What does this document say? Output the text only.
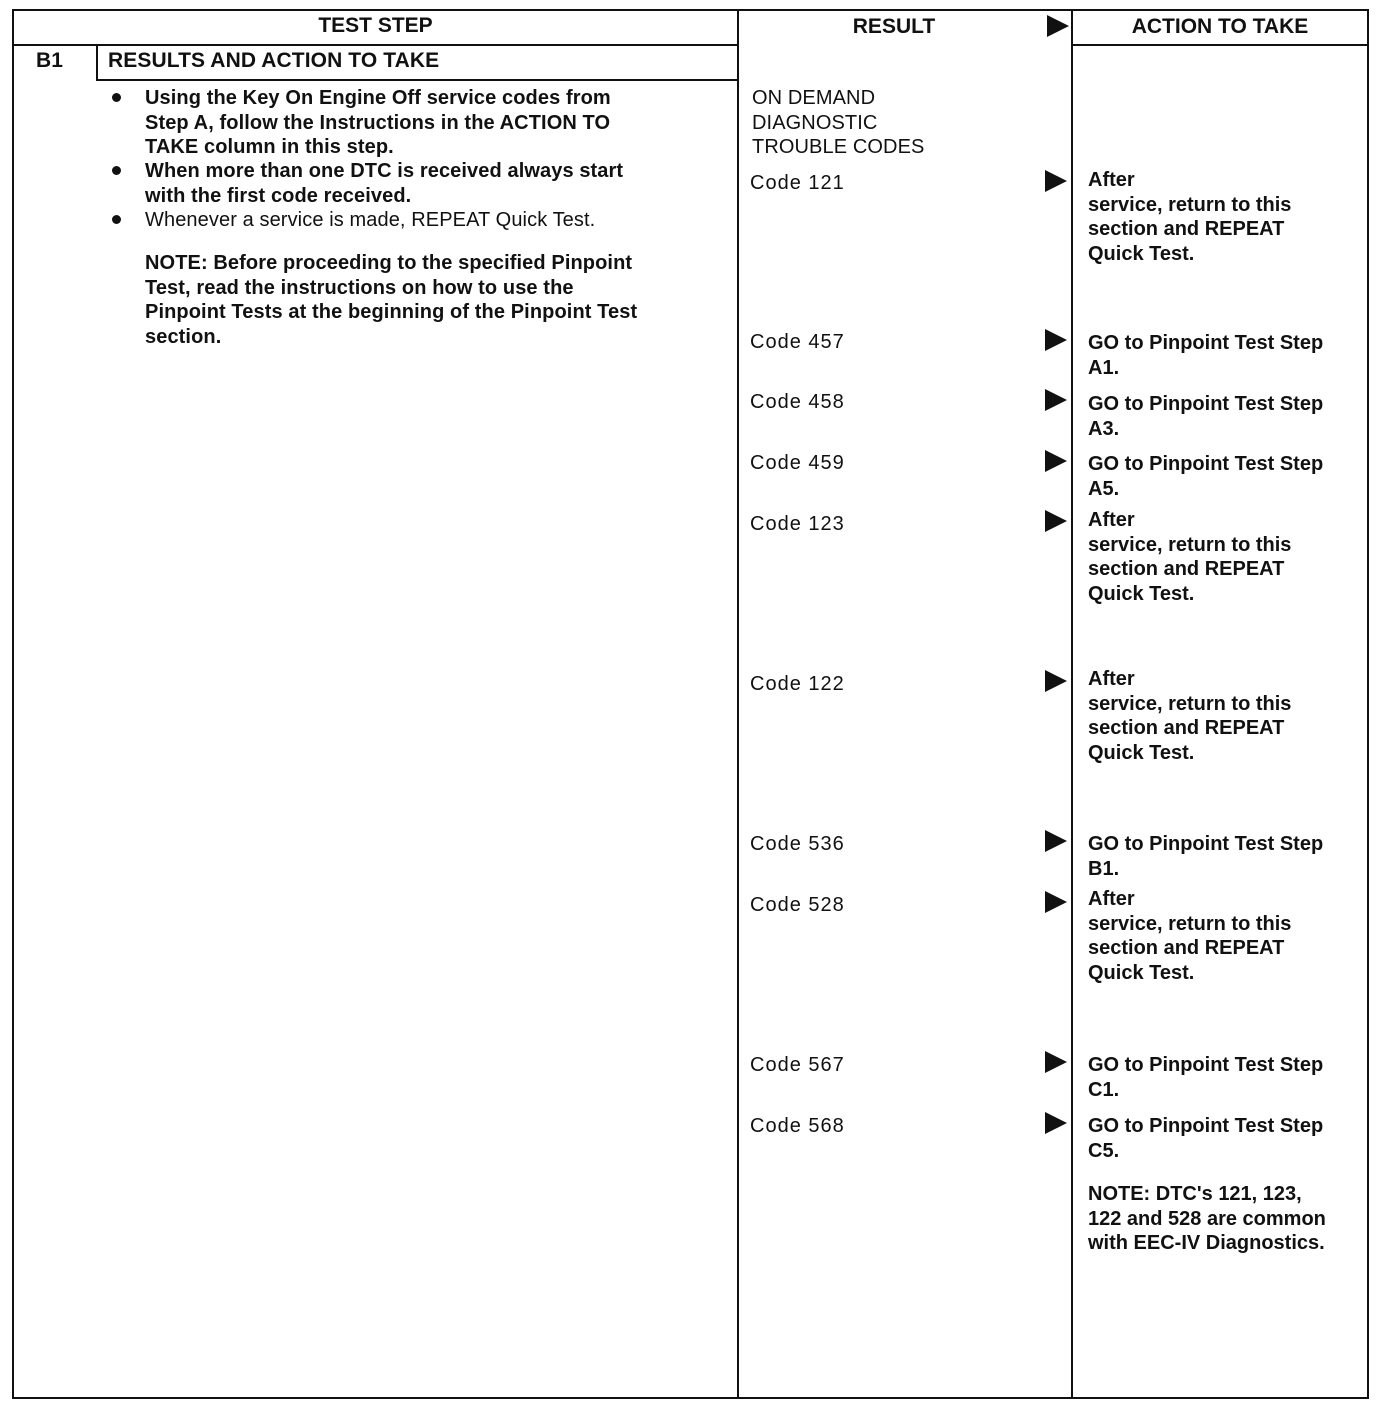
TEST STEP	RESULT	ACTION TO TAKE
B1 RESULTS AND ACTION TO TAKE
Using the Key On Engine Off service codes from
Step A, follow the Instructions in the ACTION TO
TAKE column in this step.
When more than one DTC is received always start
with the first code received.
Whenever a service is made, REPEAT Quick Test.
NOTE: Before proceeding to the specified Pinpoint
Test, read the instructions on how to use the
Pinpoint Tests at the beginning of the Pinpoint Test
section.
ON DEMAND
DIAGNOSTIC
TROUBLE CODES
Code 121	After
service, return to this
section and REPEAT
Quick Test.
Code 457	GO to Pinpoint Test Step
A1.
Code 458	GO to Pinpoint Test Step
A3.
Code 459	GO to Pinpoint Test Step
A5.
Code 123	After
service, return to this
section and REPEAT
Quick Test.
Code 122	After
service, return to this
section and REPEAT
Quick Test.
Code 536	GO to Pinpoint Test Step
B1.
Code 528	After
service, return to this
section and REPEAT
Quick Test.
Code 567	GO to Pinpoint Test Step
C1.
Code 568	GO to Pinpoint Test Step
C5.
NOTE: DTC's 121, 123,
122 and 528 are common
with EEC-IV Diagnostics.
